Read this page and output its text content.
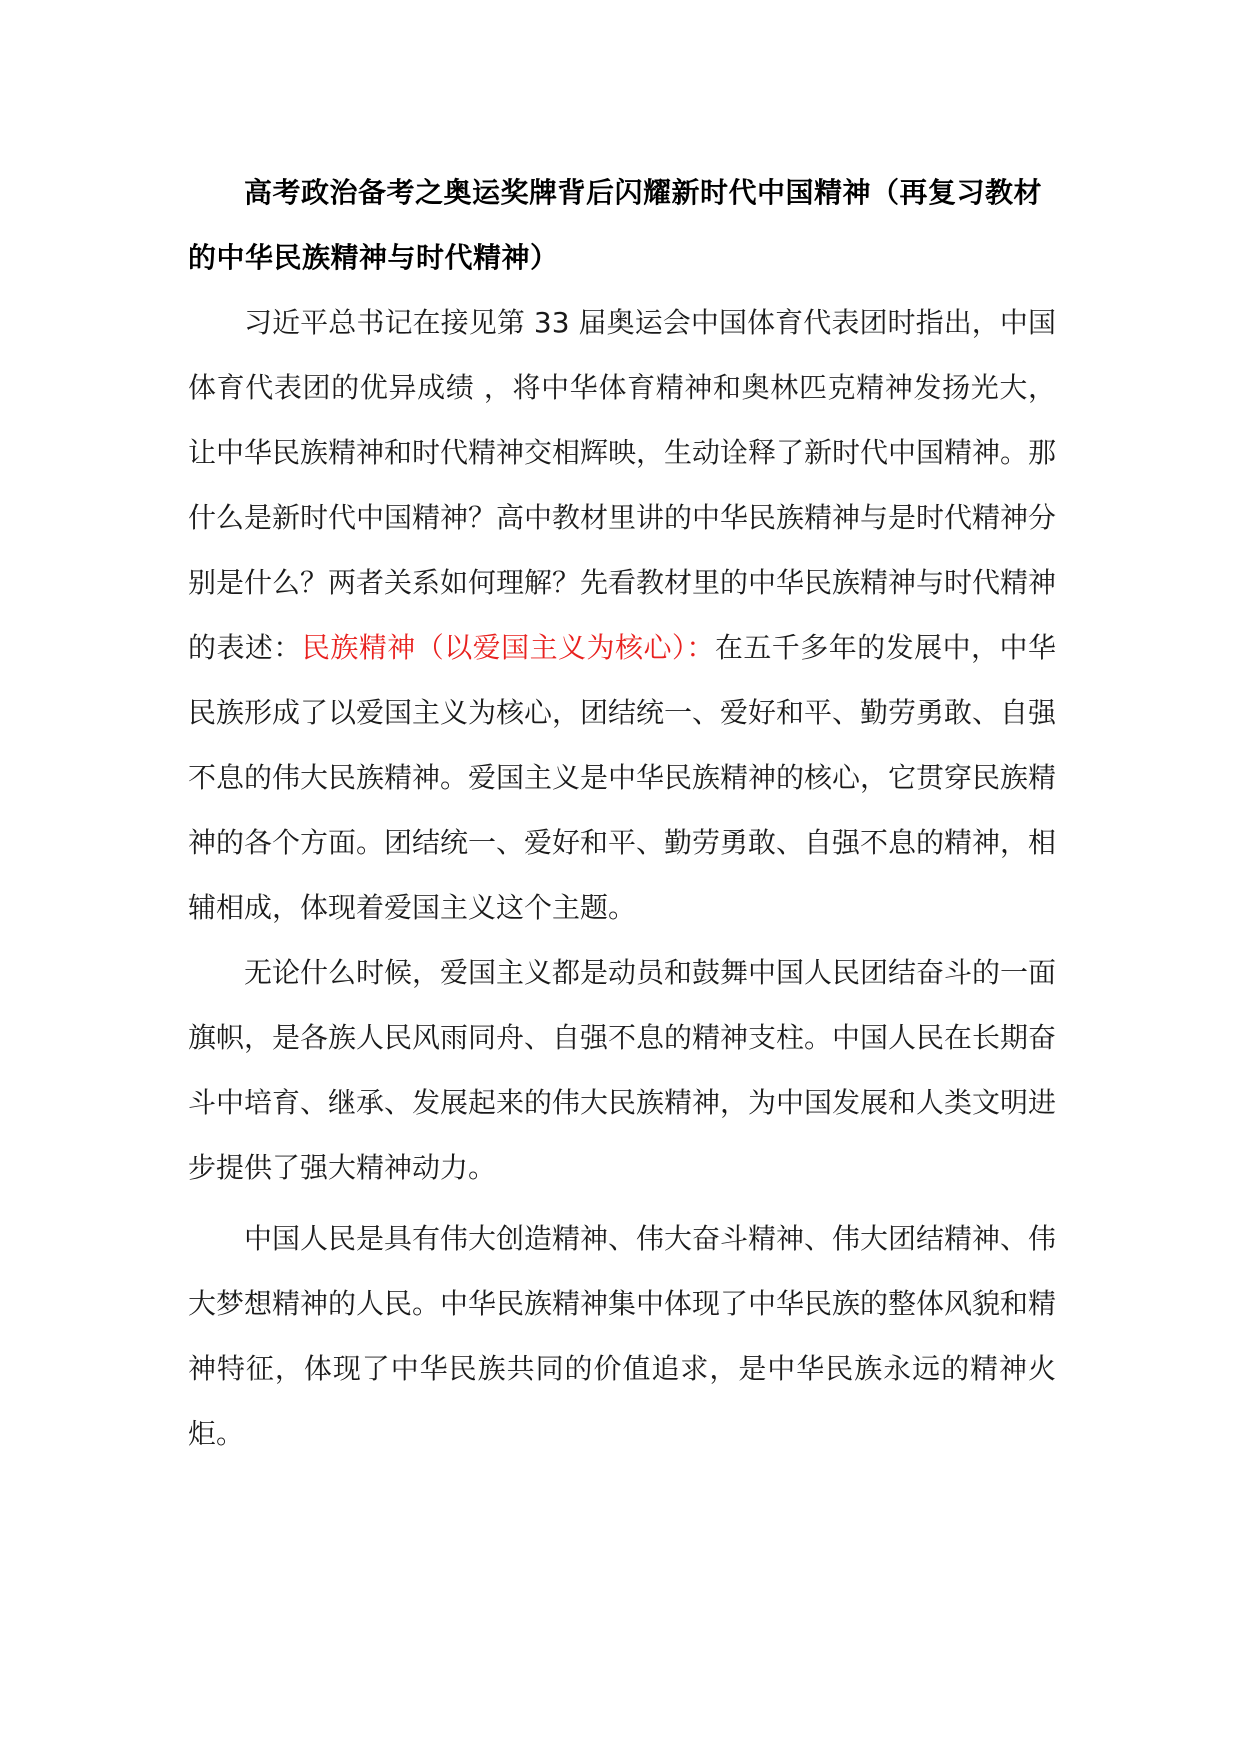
高考政治备考之奥运奖牌背后闪耀新时代中国精神（再复习教材的中华民族精神与时代精神）

习近平总书记在接见第 33 届奥运会中国体育代表团时指出，中国体育代表团的优异成绩 ，将中华体育精神和奥林匹克精神发扬光大，让中华民族精神和时代精神交相辉映，生动诠释了新时代中国精神。那什么是新时代中国精神？高中教材里讲的中华民族精神与是时代精神分别是什么？两者关系如何理解？先看教材里的中华民族精神与时代精神的表述：民族精神（以爱国主义为核心）：在五千多年的发展中，中华民族形成了以爱国主义为核心，团结统一、爱好和平、勤劳勇敢、自强不息的伟大民族精神。爱国主义是中华民族精神的核心，它贯穿民族精神的各个方面。团结统一、爱好和平、勤劳勇敢、自强不息的精神，相辅相成，体现着爱国主义这个主题。

无论什么时候，爱国主义都是动员和鼓舞中国人民团结奋斗的一面旗帜，是各族人民风雨同舟、自强不息的精神支柱。中国人民在长期奋斗中培育、继承、发展起来的伟大民族精神，为中国发展和人类文明进步提供了强大精神动力。

中国人民是具有伟大创造精神、伟大奋斗精神、伟大团结精神、伟大梦想精神的人民。中华民族精神集中体现了中华民族的整体风貌和精神特征，体现了中华民族共同的价值追求，是中华民族永远的精神火炬。
